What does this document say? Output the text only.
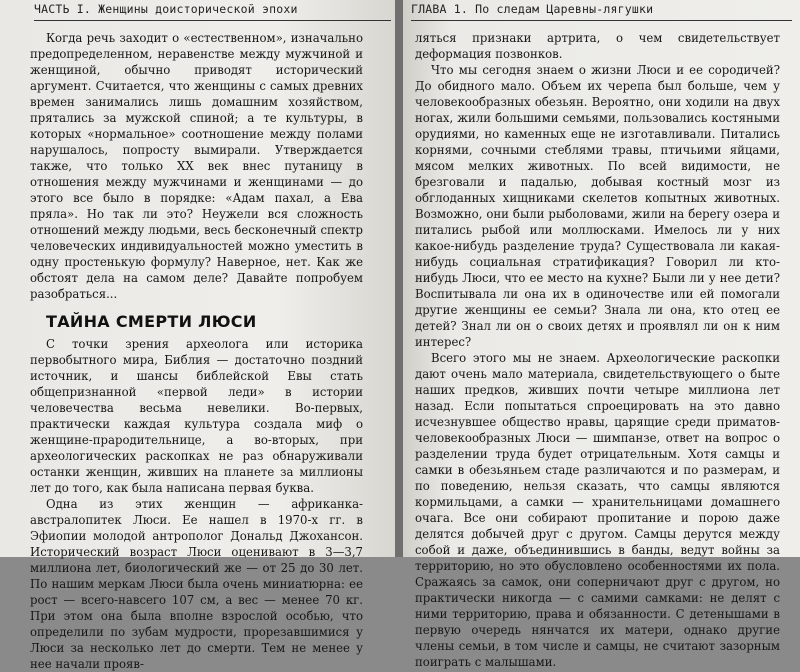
ЧАСТЬ I. Женщины доисторической эпохи

Когда речь заходит о «естественном», изначально предопределенном, неравенстве между мужчиной и женщиной, обычно приводят исторический аргумент. Считается, что женщины с самых древних времен занимались лишь домашним хозяйством, прятались за мужской спиной; а те культуры, в которых «нормальное» соотношение между полами нарушалось, попросту вымирали. Утверждается также, что только XX век внес путаницу в отношения между мужчинами и женщинами — до этого все было в порядке: «Адам пахал, а Ева пряла». Но так ли это? Неужели вся сложность отношений между людьми, весь бесконечный спектр человеческих индивидуальностей можно уместить в одну простенькую формулу? Наверное, нет. Как же обстоят дела на самом деле? Давайте попробуем разобраться...

ТАЙНА СМЕРТИ ЛЮСИ

С точки зрения археолога или историка первобытного мира, Библия — достаточно поздний источник, и шансы библейской Евы стать общепризнанной «первой леди» в истории человечества весьма невелики. Во-первых, практически каждая культура создала миф о женщине-прародительнице, а во-вторых, при археологических раскопках не раз обнаруживали останки женщин, живших на планете за миллионы лет до того, как была написана первая буква.

Одна из этих женщин — африканка-австралопитек Люси. Ее нашел в 1970-х гг. в Эфиопии молодой антрополог Дональд Джохансон. Исторический возраст Люси оценивают в 3—3,7 миллиона лет, биологический же — от 25 до 30 лет. По нашим меркам Люси была очень миниатюрна: ее рост — всего-навсего 107 см, а вес — менее 70 кг. При этом она была вполне взрослой особью, что определили по зубам мудрости, прорезавшимися у Люси за несколько лет до смерти. Тем не менее у нее начали прояв-

ГЛАВА 1. По следам Царевны-лягушки

ляться признаки артрита, о чем свидетельствует деформация позвонков.

Что мы сегодня знаем о жизни Люси и ее сородичей? До обидного мало. Объем их черепа был больше, чем у человекообразных обезьян. Вероятно, они ходили на двух ногах, жили большими семьями, пользовались костяными орудиями, но каменных еще не изготавливали. Питались корнями, сочными стеблями травы, птичьими яйцами, мясом мелких животных. По всей видимости, не брезговали и падалью, добывая костный мозг из обглоданных хищниками скелетов копытных животных. Возможно, они были рыболовами, жили на берегу озера и питались рыбой или моллюсками. Имелось ли у них какое-нибудь разделение труда? Существовала ли какая-нибудь социальная стратификация? Говорил ли кто-нибудь Люси, что ее место на кухне? Были ли у нее дети? Воспитывала ли она их в одиночестве или ей помогали другие женщины ее семьи? Знала ли она, кто отец ее детей? Знал ли он о своих детях и проявлял ли он к ним интерес?

Всего этого мы не знаем. Археологические раскопки дают очень мало материала, свидетельствующего о быте наших предков, живших почти четыре миллиона лет назад. Если попытаться спроецировать на это давно исчезнувшее общество нравы, царящие среди приматов-человекообразных Люси — шимпанзе, ответ на вопрос о разделении труда будет отрицательным. Хотя самцы и самки в обезьяньем стаде различаются и по размерам, и по поведению, нельзя сказать, что самцы являются кормильцами, а самки — хранительницами домашнего очага. Все они собирают пропитание и порою даже делятся добычей друг с другом. Самцы дерутся между собой и даже, объединившись в банды, ведут войны за территорию, но это обусловлено особенностями их пола. Сражаясь за самок, они соперничают друг с другом, но практически никогда — с самими самками: не делят с ними территорию, права и обязанности. С детенышами в первую очередь нянчатся их матери, однако другие члены семьи, в том числе и самцы, не считают зазорным поиграть с малышами.
